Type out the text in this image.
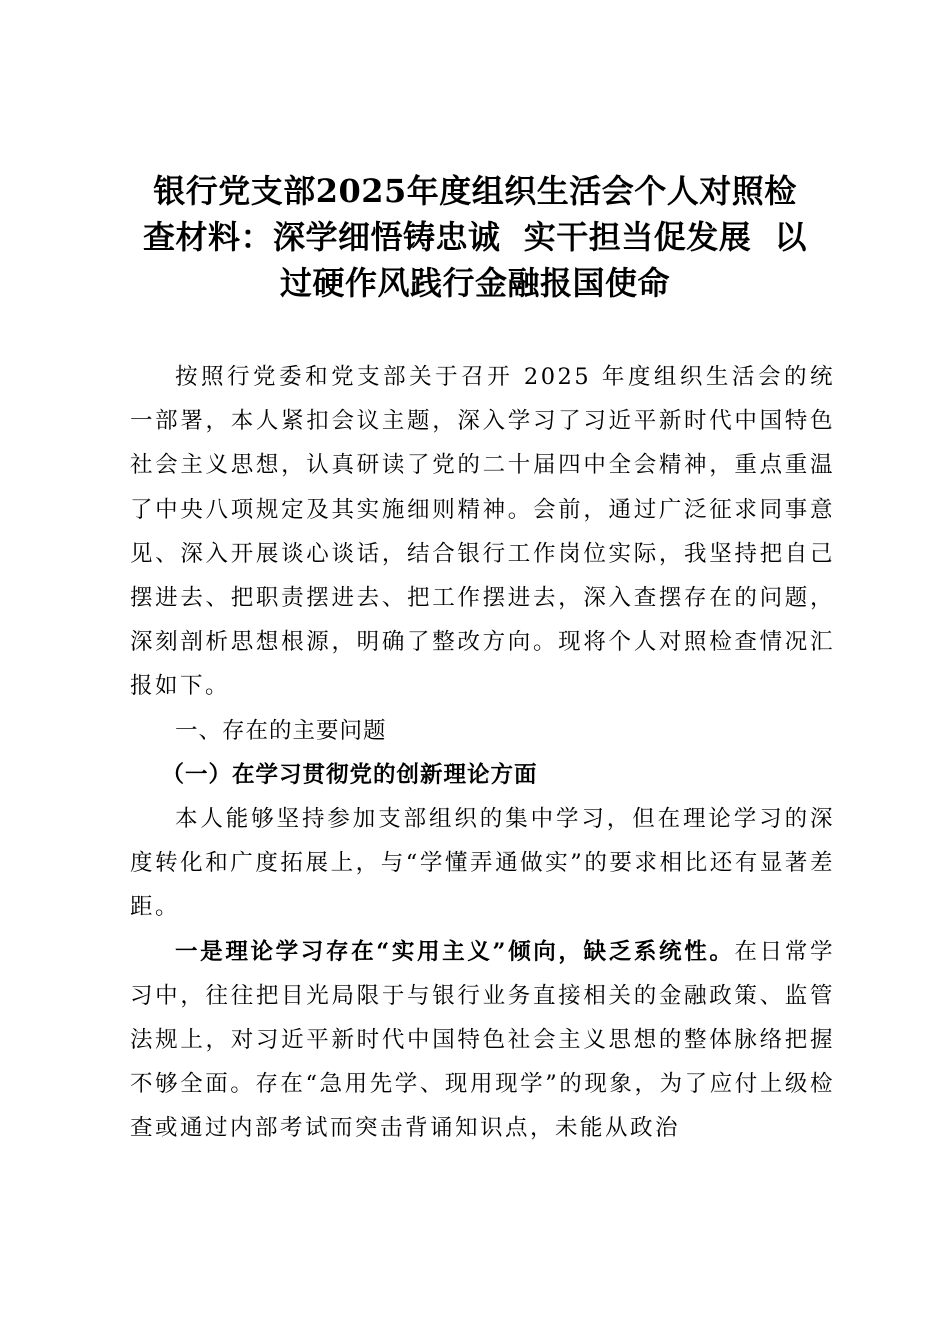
银行党支部2025年度组织生活会个人对照检
查材料：深学细悟铸忠诚  实干担当促发展  以
过硬作风践行金融报国使命

按照行党委和党支部关于召开 2025 年度组织生活会的统一部署，本人紧扣会议主题，深入学习了习近平新时代中国特色社会主义思想，认真研读了党的二十届四中全会精神，重点重温了中央八项规定及其实施细则精神。会前，通过广泛征求同事意见、深入开展谈心谈话，结合银行工作岗位实际，我坚持把自己摆进去、把职责摆进去、把工作摆进去，深入查摆存在的问题，深刻剖析思想根源，明确了整改方向。现将个人对照检查情况汇报如下。

一、存在的主要问题

（一）在学习贯彻党的创新理论方面

本人能够坚持参加支部组织的集中学习，但在理论学习的深度转化和广度拓展上，与“学懂弄通做实”的要求相比还有显著差距。

一是理论学习存在“实用主义”倾向，缺乏系统性。在日常学习中，往往把目光局限于与银行业务直接相关的金融政策、监管法规上，对习近平新时代中国特色社会主义思想的整体脉络把握不够全面。存在“急用先学、现用现学”的现象，为了应付上级检查或通过内部考试而突击背诵知识点，未能从政治
